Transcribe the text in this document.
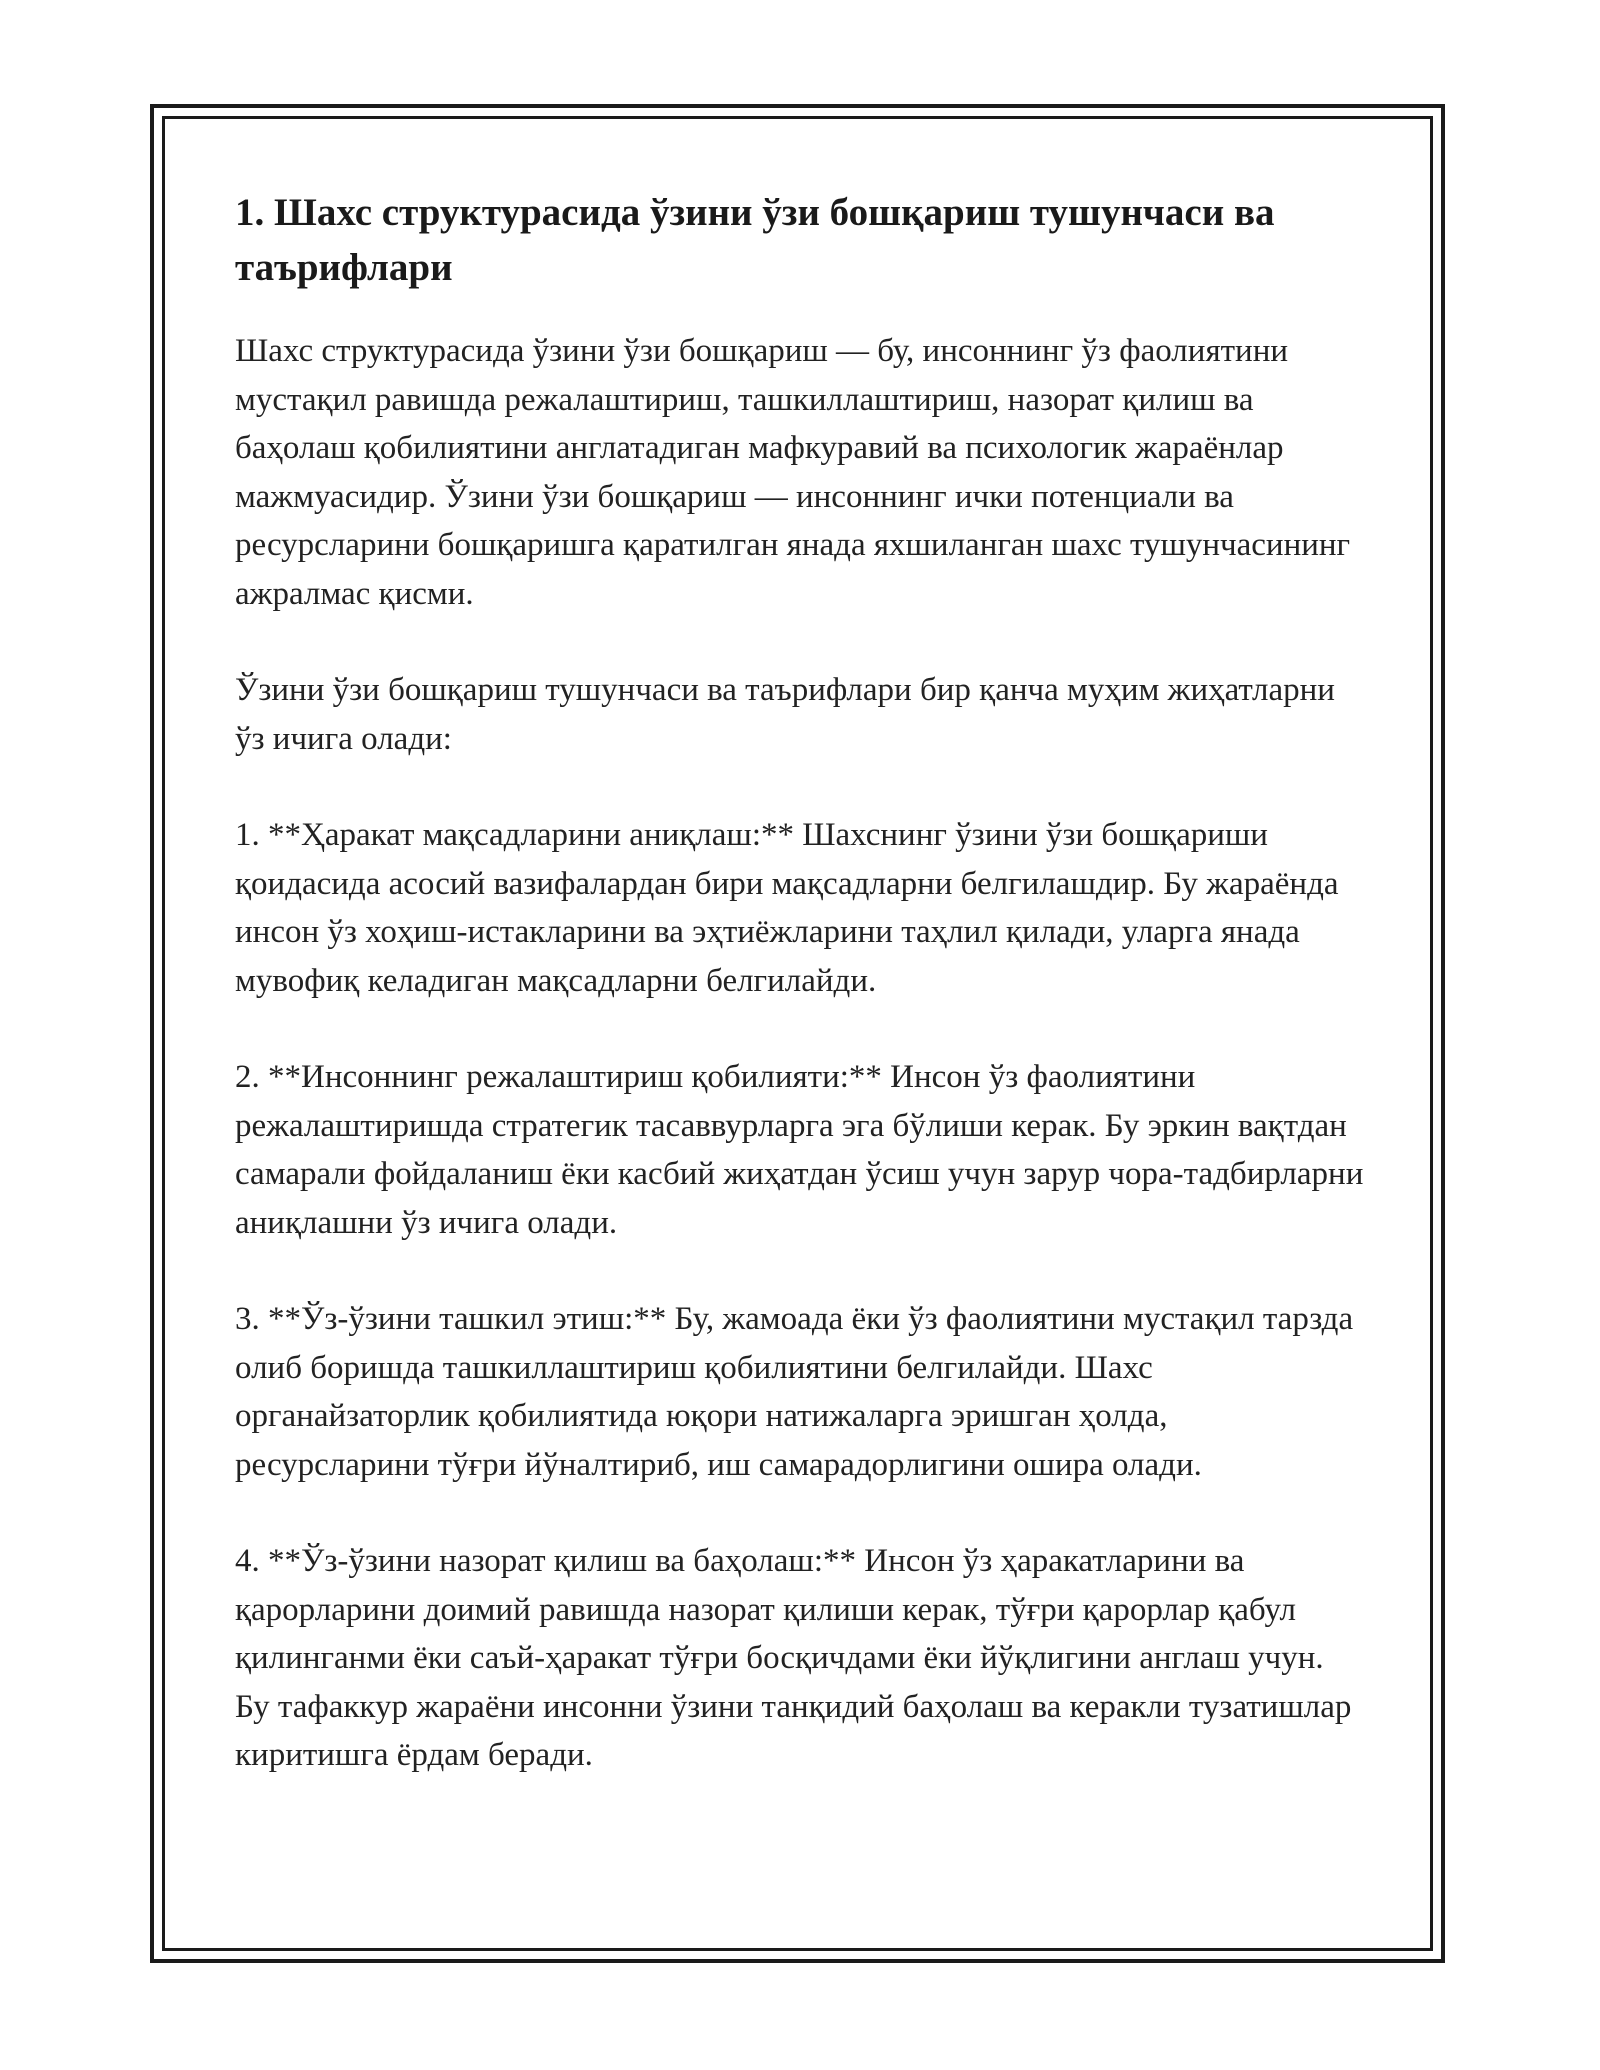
1. Шахс структурасида ўзини ўзи бошқариш тушунчаси ва таърифлари

Шахс структурасида ўзини ўзи бошқариш — бу, инсоннинг ўз фаолиятини мустақил равишда режалаштириш, ташкиллаштириш, назорат қилиш ва баҳолаш қобилиятини англатадиган мафкуравий ва психологик жараёнлар мажмуасидир. Ўзини ўзи бошқариш — инсоннинг ички потенциали ва ресурсларини бошқаришга қаратилган янада яхшиланган шахс тушунчасининг ажралмас қисми.

Ўзини ўзи бошқариш тушунчаси ва таърифлари бир қанча муҳим жиҳатларни ўз ичига олади:

1. **Ҳаракат мақсадларини аниқлаш:** Шахснинг ўзини ўзи бошқариши қоидасида асосий вазифалардан бири мақсадларни белгилашдир. Бу жараёнда инсон ўз хоҳиш-истакларини ва эҳтиёжларини таҳлил қилади, уларга янада мувофиқ келадиган мақсадларни белгилайди.

2. **Инсоннинг режалаштириш қобилияти:** Инсон ўз фаолиятини режалаштиришда стратегик тасаввурларга эга бўлиши керак. Бу эркин вақтдан самарали фойдаланиш ёки касбий жиҳатдан ўсиш учун зарур чора-тадбирларни аниқлашни ўз ичига олади.

3. **Ўз-ўзини ташкил этиш:** Бу, жамоада ёки ўз фаолиятини мустақил тарзда олиб боришда ташкиллаштириш қобилиятини белгилайди. Шахс органайзаторлик қобилиятида юқори натижаларга эришган ҳолда, ресурсларини тўғри йўналтириб, иш самарадорлигини ошира олади.

4. **Ўз-ўзини назорат қилиш ва баҳолаш:** Инсон ўз ҳаракатларини ва қарорларини доимий равишда назорат қилиши керак, тўғри қарорлар қабул қилинганми ёки саъй-ҳаракат тўғри босқичдами ёки йўқлигини англаш учун. Бу тафаккур жараёни инсонни ўзини танқидий баҳолаш ва керакли тузатишлар киритишга ёрдам беради.
